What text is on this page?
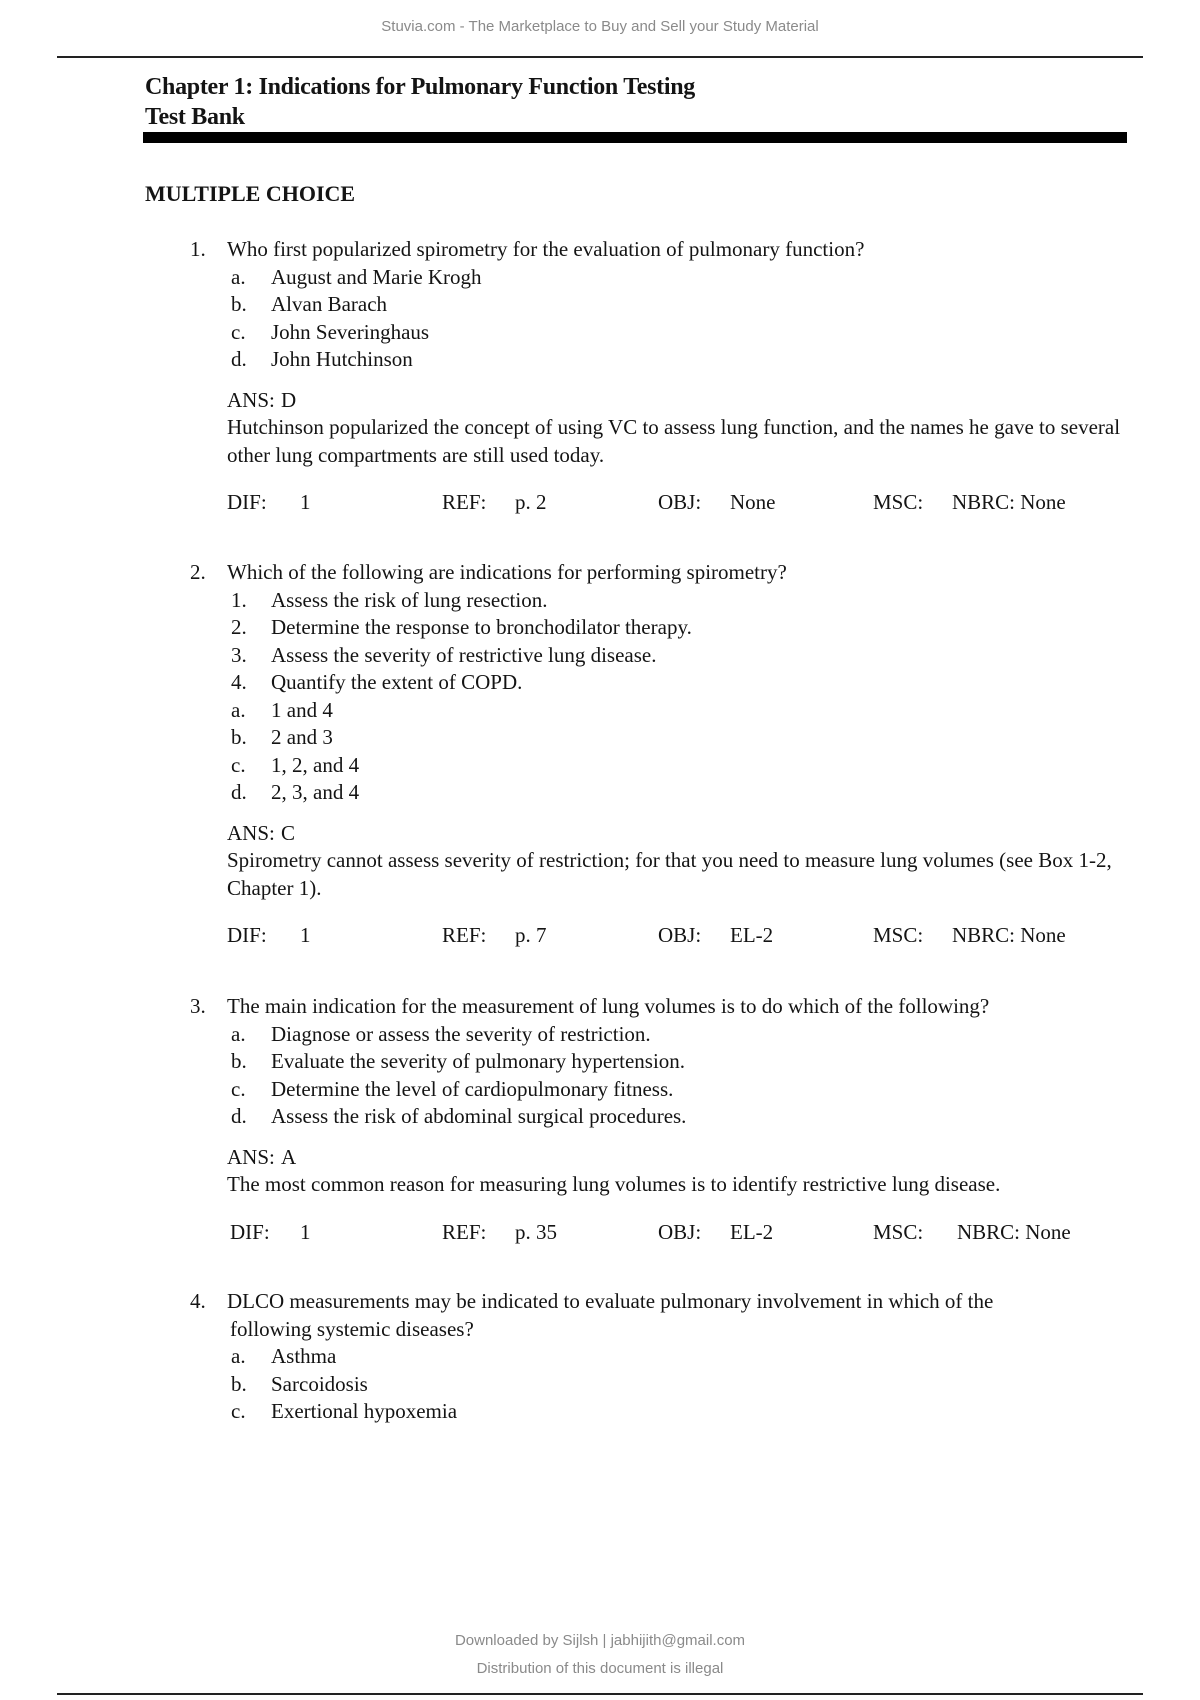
Stuvia.com - The Marketplace to Buy and Sell your Study Material
Chapter 1: Indications for Pulmonary Function Testing
Test Bank
MULTIPLE CHOICE
1.	Who first popularized spirometry for the evaluation of pulmonary function?
a.	August and Marie Krogh
b.	Alvan Barach
c.	John Severinghaus
d.	John Hutchinson
ANS: D
Hutchinson popularized the concept of using VC to assess lung function, and the names he gave to several other lung compartments are still used today.
DIF: 1	REF: p. 2	OBJ: None	MSC: NBRC: None
2.	Which of the following are indications for performing spirometry?
1.	Assess the risk of lung resection.
2.	Determine the response to bronchodilator therapy.
3.	Assess the severity of restrictive lung disease.
4.	Quantify the extent of COPD.
a.	1 and 4
b.	2 and 3
c.	1, 2, and 4
d.	2, 3, and 4
ANS: C
Spirometry cannot assess severity of restriction; for that you need to measure lung volumes (see Box 1-2, Chapter 1).
DIF: 1	REF: p. 7	OBJ: EL-2	MSC: NBRC: None
3.	The main indication for the measurement of lung volumes is to do which of the following?
a.	Diagnose or assess the severity of restriction.
b.	Evaluate the severity of pulmonary hypertension.
c.	Determine the level of cardiopulmonary fitness.
d.	Assess the risk of abdominal surgical procedures.
ANS: A
The most common reason for measuring lung volumes is to identify restrictive lung disease.
DIF: 1	REF: p. 35	OBJ: EL-2	MSC: NBRC: None
4.	DLCO measurements may be indicated to evaluate pulmonary involvement in which of the
following systemic diseases?
a.	Asthma
b.	Sarcoidosis
c.	Exertional hypoxemia
Downloaded by Sijlsh | jabhijith@gmail.com
Distribution of this document is illegal
